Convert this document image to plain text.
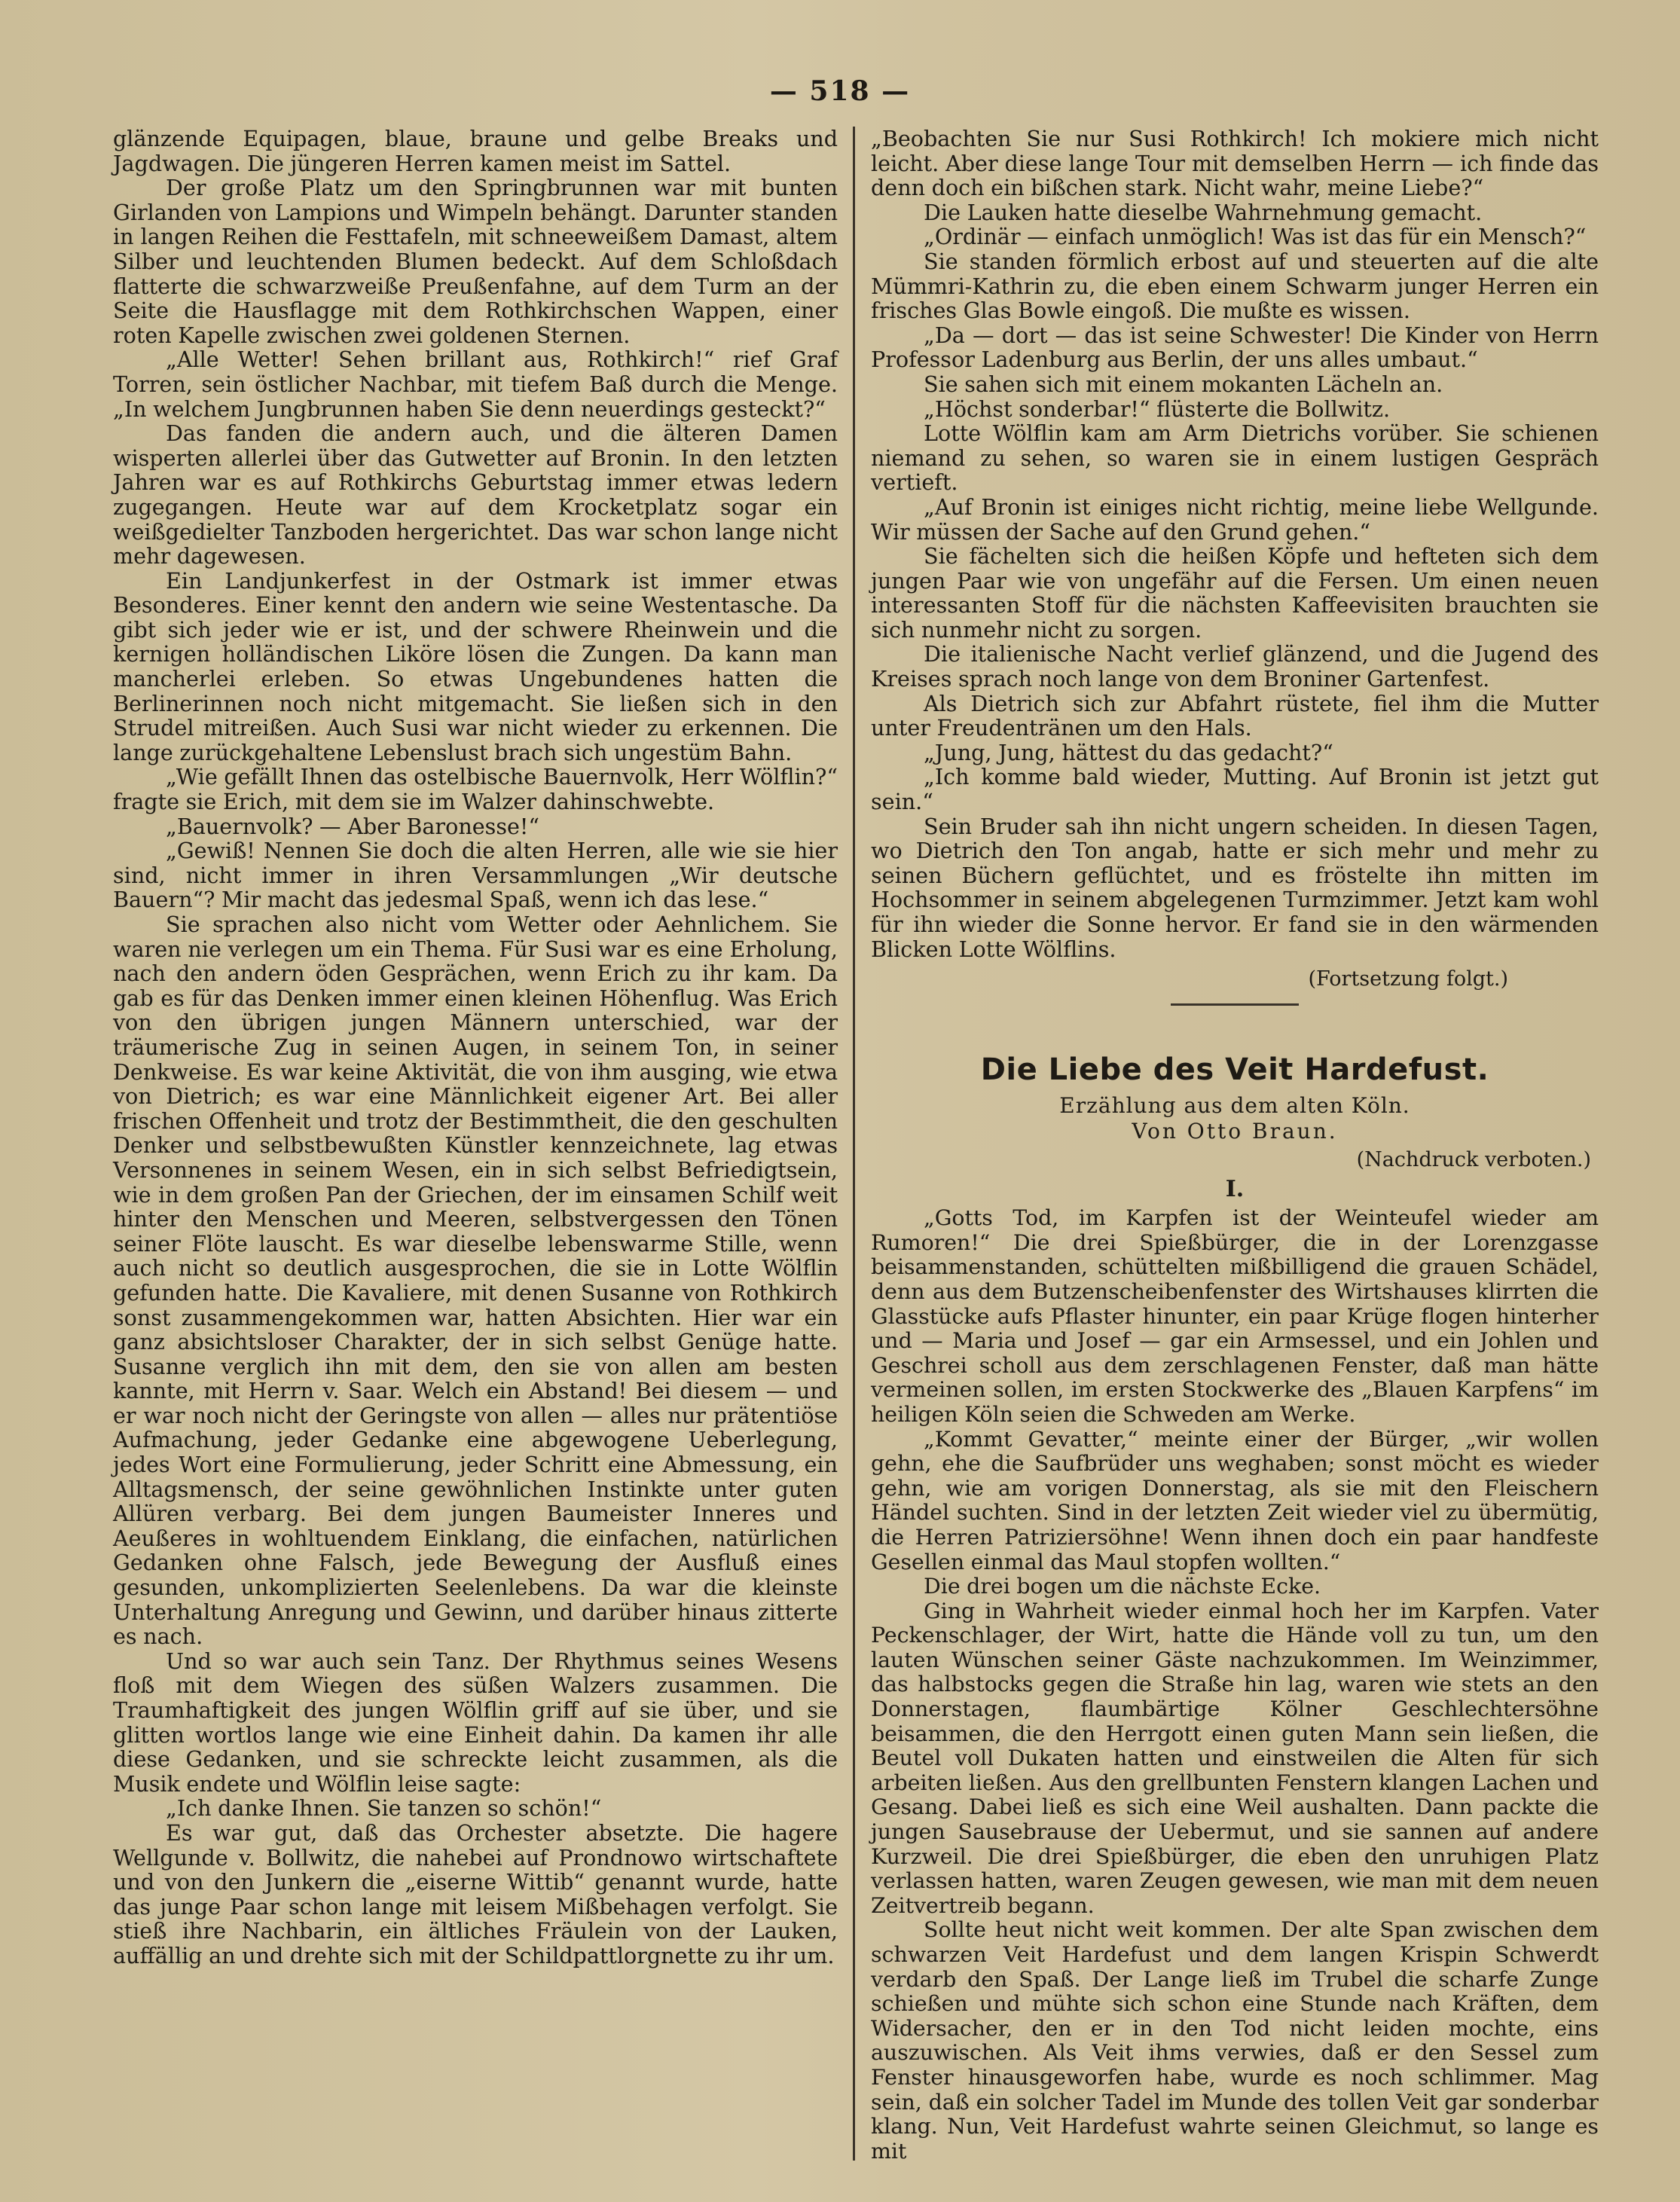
— 518 —

glänzende Equipagen, blaue, braune und gelbe Breaks und Jagdwagen. Die jüngeren Herren kamen meist im Sattel.

Der große Platz um den Springbrunnen war mit bunten Girlanden von Lampions und Wimpeln behängt. Darunter standen in langen Reihen die Festtafeln, mit schneeweißem Damast, altem Silber und leuchtenden Blumen bedeckt. Auf dem Schloßdach flatterte die schwarzweiße Preußenfahne, auf dem Turm an der Seite die Hausflagge mit dem Rothkirchschen Wappen, einer roten Kapelle zwischen zwei goldenen Sternen.

„Alle Wetter! Sehen brillant aus, Rothkirch!“ rief Graf Torren, sein östlicher Nachbar, mit tiefem Baß durch die Menge. „In welchem Jungbrunnen haben Sie denn neuerdings gesteckt?“

Das fanden die andern auch, und die älteren Damen wisperten allerlei über das Gutwetter auf Bronin. In den letzten Jahren war es auf Rothkirchs Geburtstag immer etwas ledern zugegangen. Heute war auf dem Krocketplatz sogar ein weißgedielter Tanzboden hergerichtet. Das war schon lange nicht mehr dagewesen.

Ein Landjunkerfest in der Ostmark ist immer etwas Besonderes. Einer kennt den andern wie seine Westentasche. Da gibt sich jeder wie er ist, und der schwere Rheinwein und die kernigen holländischen Liköre lösen die Zungen. Da kann man mancherlei erleben. So etwas Ungebundenes hatten die Berlinerinnen noch nicht mitgemacht. Sie ließen sich in den Strudel mitreißen. Auch Susi war nicht wieder zu erkennen. Die lange zurückgehaltene Lebenslust brach sich ungestüm Bahn.

„Wie gefällt Ihnen das ostelbische Bauernvolk, Herr Wölflin?“ fragte sie Erich, mit dem sie im Walzer dahinschwebte.

„Bauernvolk? — Aber Baronesse!“

„Gewiß! Nennen Sie doch die alten Herren, alle wie sie hier sind, nicht immer in ihren Versammlungen „Wir deutsche Bauern“? Mir macht das jedesmal Spaß, wenn ich das lese.“

Sie sprachen also nicht vom Wetter oder Aehnlichem. Sie waren nie verlegen um ein Thema. Für Susi war es eine Erholung, nach den andern öden Gesprächen, wenn Erich zu ihr kam. Da gab es für das Denken immer einen kleinen Höhenflug. Was Erich von den übrigen jungen Männern unterschied, war der träumerische Zug in seinen Augen, in seinem Ton, in seiner Denkweise. Es war keine Aktivität, die von ihm ausging, wie etwa von Dietrich; es war eine Männlichkeit eigener Art. Bei aller frischen Offenheit und trotz der Bestimmtheit, die den geschulten Denker und selbstbewußten Künstler kennzeichnete, lag etwas Versonnenes in seinem Wesen, ein in sich selbst Befriedigtsein, wie in dem großen Pan der Griechen, der im einsamen Schilf weit hinter den Menschen und Meeren, selbstvergessen den Tönen seiner Flöte lauscht. Es war dieselbe lebenswarme Stille, wenn auch nicht so deutlich ausgesprochen, die sie in Lotte Wölflin gefunden hatte. Die Kavaliere, mit denen Susanne von Rothkirch sonst zusammengekommen war, hatten Absichten. Hier war ein ganz absichtsloser Charakter, der in sich selbst Genüge hatte. Susanne verglich ihn mit dem, den sie von allen am besten kannte, mit Herrn v. Saar. Welch ein Abstand! Bei diesem — und er war noch nicht der Geringste von allen — alles nur prätentiöse Aufmachung, jeder Gedanke eine abgewogene Ueberlegung, jedes Wort eine Formulierung, jeder Schritt eine Abmessung, ein Alltagsmensch, der seine gewöhnlichen Instinkte unter guten Allüren verbarg. Bei dem jungen Baumeister Inneres und Aeußeres in wohltuendem Einklang, die einfachen, natürlichen Gedanken ohne Falsch, jede Bewegung der Ausfluß eines gesunden, unkomplizierten Seelenlebens. Da war die kleinste Unterhaltung Anregung und Gewinn, und darüber hinaus zitterte es nach.

Und so war auch sein Tanz. Der Rhythmus seines Wesens floß mit dem Wiegen des süßen Walzers zusammen. Die Traumhaftigkeit des jungen Wölflin griff auf sie über, und sie glitten wortlos lange wie eine Einheit dahin. Da kamen ihr alle diese Gedanken, und sie schreckte leicht zusammen, als die Musik endete und Wölflin leise sagte:

„Ich danke Ihnen. Sie tanzen so schön!“

Es war gut, daß das Orchester absetzte. Die hagere Wellgunde v. Bollwitz, die nahebei auf Prondnowo wirtschaftete und von den Junkern die „eiserne Wittib“ genannt wurde, hatte das junge Paar schon lange mit leisem Mißbehagen verfolgt. Sie stieß ihre Nachbarin, ein ältliches Fräulein von der Lauken, auffällig an und drehte sich mit der Schildpattlorgnette zu ihr um.

„Beobachten Sie nur Susi Rothkirch! Ich mokiere mich nicht leicht. Aber diese lange Tour mit demselben Herrn — ich finde das denn doch ein bißchen stark. Nicht wahr, meine Liebe?“

Die Lauken hatte dieselbe Wahrnehmung gemacht.

„Ordinär — einfach unmöglich! Was ist das für ein Mensch?“

Sie standen förmlich erbost auf und steuerten auf die alte Mümmri-Kathrin zu, die eben einem Schwarm junger Herren ein frisches Glas Bowle eingoß. Die mußte es wissen.

„Da — dort — das ist seine Schwester! Die Kinder von Herrn Professor Ladenburg aus Berlin, der uns alles umbaut.“

Sie sahen sich mit einem mokanten Lächeln an.

„Höchst sonderbar!“ flüsterte die Bollwitz.

Lotte Wölflin kam am Arm Dietrichs vorüber. Sie schienen niemand zu sehen, so waren sie in einem lustigen Gespräch vertieft.

„Auf Bronin ist einiges nicht richtig, meine liebe Wellgunde. Wir müssen der Sache auf den Grund gehen.“

Sie fächelten sich die heißen Köpfe und hefteten sich dem jungen Paar wie von ungefähr auf die Fersen. Um einen neuen interessanten Stoff für die nächsten Kaffeevisiten brauchten sie sich nunmehr nicht zu sorgen.

Die italienische Nacht verlief glänzend, und die Jugend des Kreises sprach noch lange von dem Broniner Gartenfest.

Als Dietrich sich zur Abfahrt rüstete, fiel ihm die Mutter unter Freudentränen um den Hals.

„Jung, Jung, hättest du das gedacht?“

„Ich komme bald wieder, Mutting. Auf Bronin ist jetzt gut sein.“

Sein Bruder sah ihn nicht ungern scheiden. In diesen Tagen, wo Dietrich den Ton angab, hatte er sich mehr und mehr zu seinen Büchern geflüchtet, und es fröstelte ihn mitten im Hochsommer in seinem abgelegenen Turmzimmer. Jetzt kam wohl für ihn wieder die Sonne hervor. Er fand sie in den wärmenden Blicken Lotte Wölflins.

(Fortsetzung folgt.)

Die Liebe des Veit Hardefust.

Erzählung aus dem alten Köln.

Von Otto Braun.

(Nachdruck verboten.)

I.

„Gotts Tod, im Karpfen ist der Weinteufel wieder am Rumoren!“ Die drei Spießbürger, die in der Lorenzgasse beisammenstanden, schüttelten mißbilligend die grauen Schädel, denn aus dem Butzenscheibenfenster des Wirtshauses klirrten die Glasstücke aufs Pflaster hinunter, ein paar Krüge flogen hinterher und — Maria und Josef — gar ein Armsessel, und ein Johlen und Geschrei scholl aus dem zerschlagenen Fenster, daß man hätte vermeinen sollen, im ersten Stockwerke des „Blauen Karpfens“ im heiligen Köln seien die Schweden am Werke.

„Kommt Gevatter,“ meinte einer der Bürger, „wir wollen gehn, ehe die Saufbrüder uns weghaben; sonst möcht es wieder gehn, wie am vorigen Donnerstag, als sie mit den Fleischern Händel suchten. Sind in der letzten Zeit wieder viel zu übermütig, die Herren Patriziersöhne! Wenn ihnen doch ein paar handfeste Gesellen einmal das Maul stopfen wollten.“

Die drei bogen um die nächste Ecke.

Ging in Wahrheit wieder einmal hoch her im Karpfen. Vater Peckenschlager, der Wirt, hatte die Hände voll zu tun, um den lauten Wünschen seiner Gäste nachzukommen. Im Weinzimmer, das halbstocks gegen die Straße hin lag, waren wie stets an den Donnerstagen, flaumbärtige Kölner Geschlechtersöhne beisammen, die den Herrgott einen guten Mann sein ließen, die Beutel voll Dukaten hatten und einstweilen die Alten für sich arbeiten ließen. Aus den grellbunten Fenstern klangen Lachen und Gesang. Dabei ließ es sich eine Weil aushalten. Dann packte die jungen Sausebrause der Uebermut, und sie sannen auf andere Kurzweil. Die drei Spießbürger, die eben den unruhigen Platz verlassen hatten, waren Zeugen gewesen, wie man mit dem neuen Zeitvertreib begann.

Sollte heut nicht weit kommen. Der alte Span zwischen dem schwarzen Veit Hardefust und dem langen Krispin Schwerdt verdarb den Spaß. Der Lange ließ im Trubel die scharfe Zunge schießen und mühte sich schon eine Stunde nach Kräften, dem Widersacher, den er in den Tod nicht leiden mochte, eins auszuwischen. Als Veit ihms verwies, daß er den Sessel zum Fenster hinausgeworfen habe, wurde es noch schlimmer. Mag sein, daß ein solcher Tadel im Munde des tollen Veit gar sonderbar klang. Nun, Veit Hardefust wahrte seinen Gleichmut, so lange es mit
